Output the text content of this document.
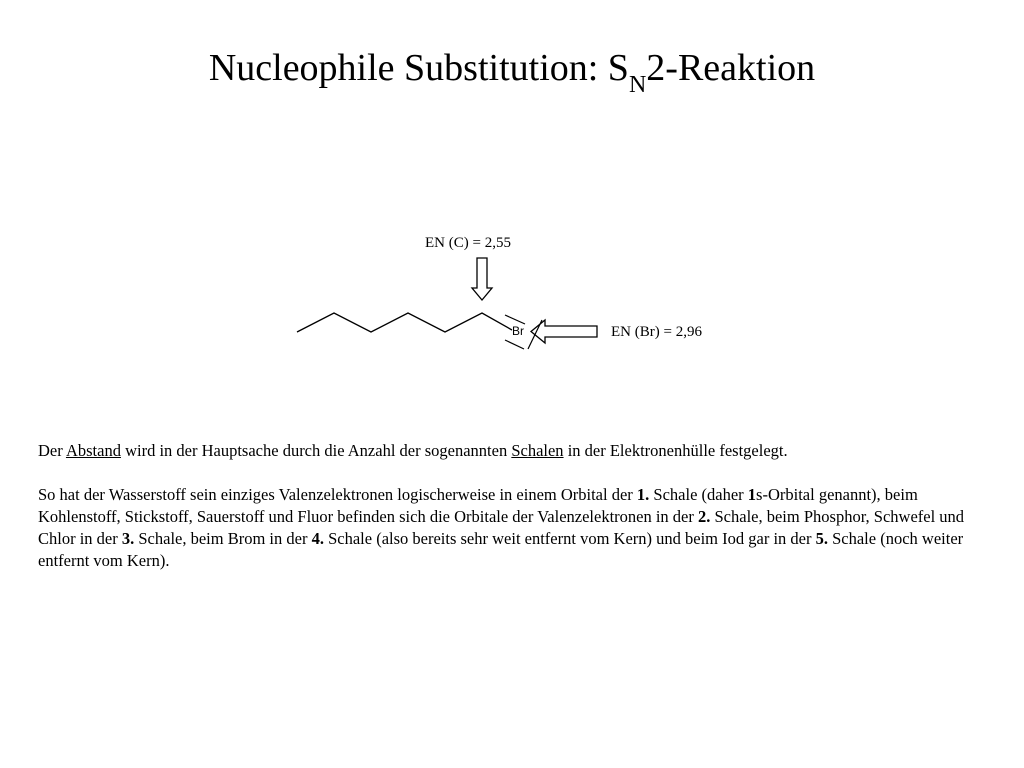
Nucleophile Substitution: $S_N2$-Reaktion
Br
EN (C) = 2,55
EN (Br) = 2,96

Der Abstand wird in der Hauptsache durch die Anzahl der sogenannten Schalen in der Elektronenhülle festgelegt.

So hat der Wasserstoff sein einziges Valenzelektronen logischerweise in einem Orbital der 1. Schale (daher 1s-Orbital genannt), beim Kohlenstoff, Stickstoff, Sauerstoff und Fluor befinden sich die Orbitale der Valenzelektronen in der 2. Schale, beim Phosphor, Schwefel und Chlor in der 3. Schale, beim Brom in der 4. Schale (also bereits sehr weit entfernt vom Kern) und beim Iod gar in der 5. Schale (noch weiter entfernt vom Kern).
